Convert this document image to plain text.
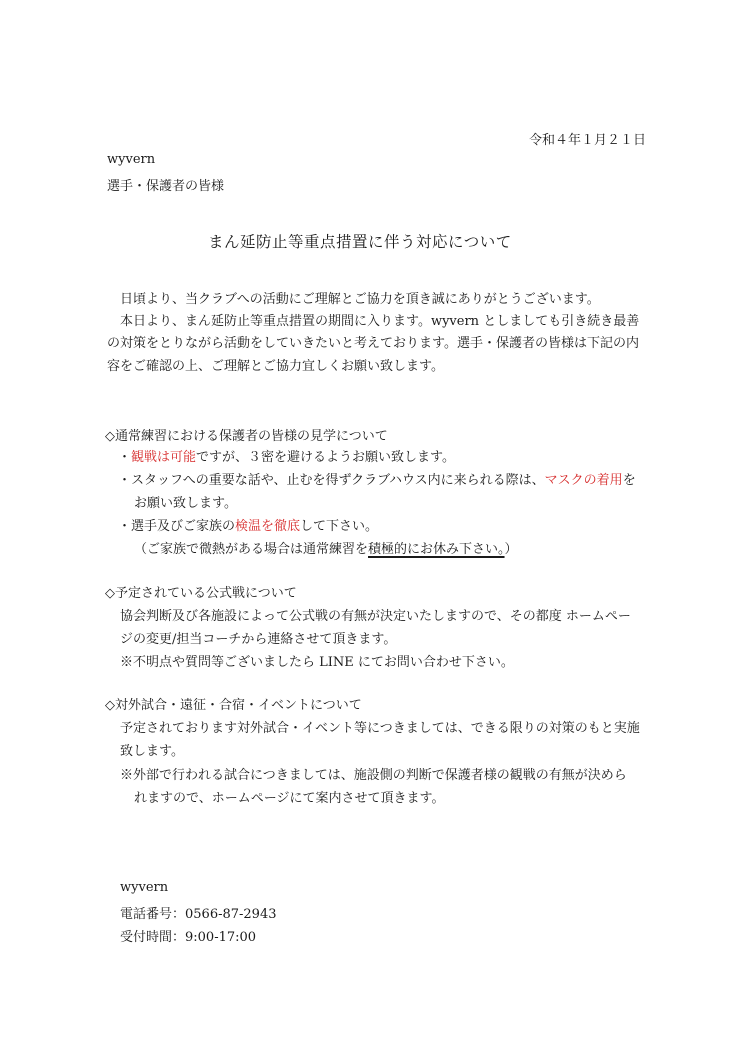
令和４年１月２１日
wyvern
選手・保護者の皆様
まん延防止等重点措置に伴う対応について
日頃より、当クラブへの活動にご理解とご協力を頂き誠にありがとうございます。
本日より、まん延防止等重点措置の期間に入ります。wyvern としましても引き続き最善
の対策をとりながら活動をしていきたいと考えております。選手・保護者の皆様は下記の内
容をご確認の上、ご理解とご協力宜しくお願い致します。
◇通常練習における保護者の皆様の見学について
・観戦は可能ですが、３密を避けるようお願い致します。
・スタッフへの重要な話や、止むを得ずクラブハウス内に来られる際は、マスクの着用を
お願い致します。
・選手及びご家族の検温を徹底して下さい。
（ご家族で微熱がある場合は通常練習を積極的にお休み下さい。）
◇予定されている公式戦について
協会判断及び各施設によって公式戦の有無が決定いたしますので、その都度 ホームペー
ジの変更/担当コーチから連絡させて頂きます。
※不明点や質問等ございましたら LINE にてお問い合わせ下さい。
◇対外試合・遠征・合宿・イベントについて
予定されております対外試合・イベント等につきましては、できる限りの対策のもと実施
致します。
※外部で行われる試合につきましては、施設側の判断で保護者様の観戦の有無が決めら
れますので、ホームページにて案内させて頂きます。
wyvern
電話番号：0566-87-2943
受付時間：9:00-17:00
